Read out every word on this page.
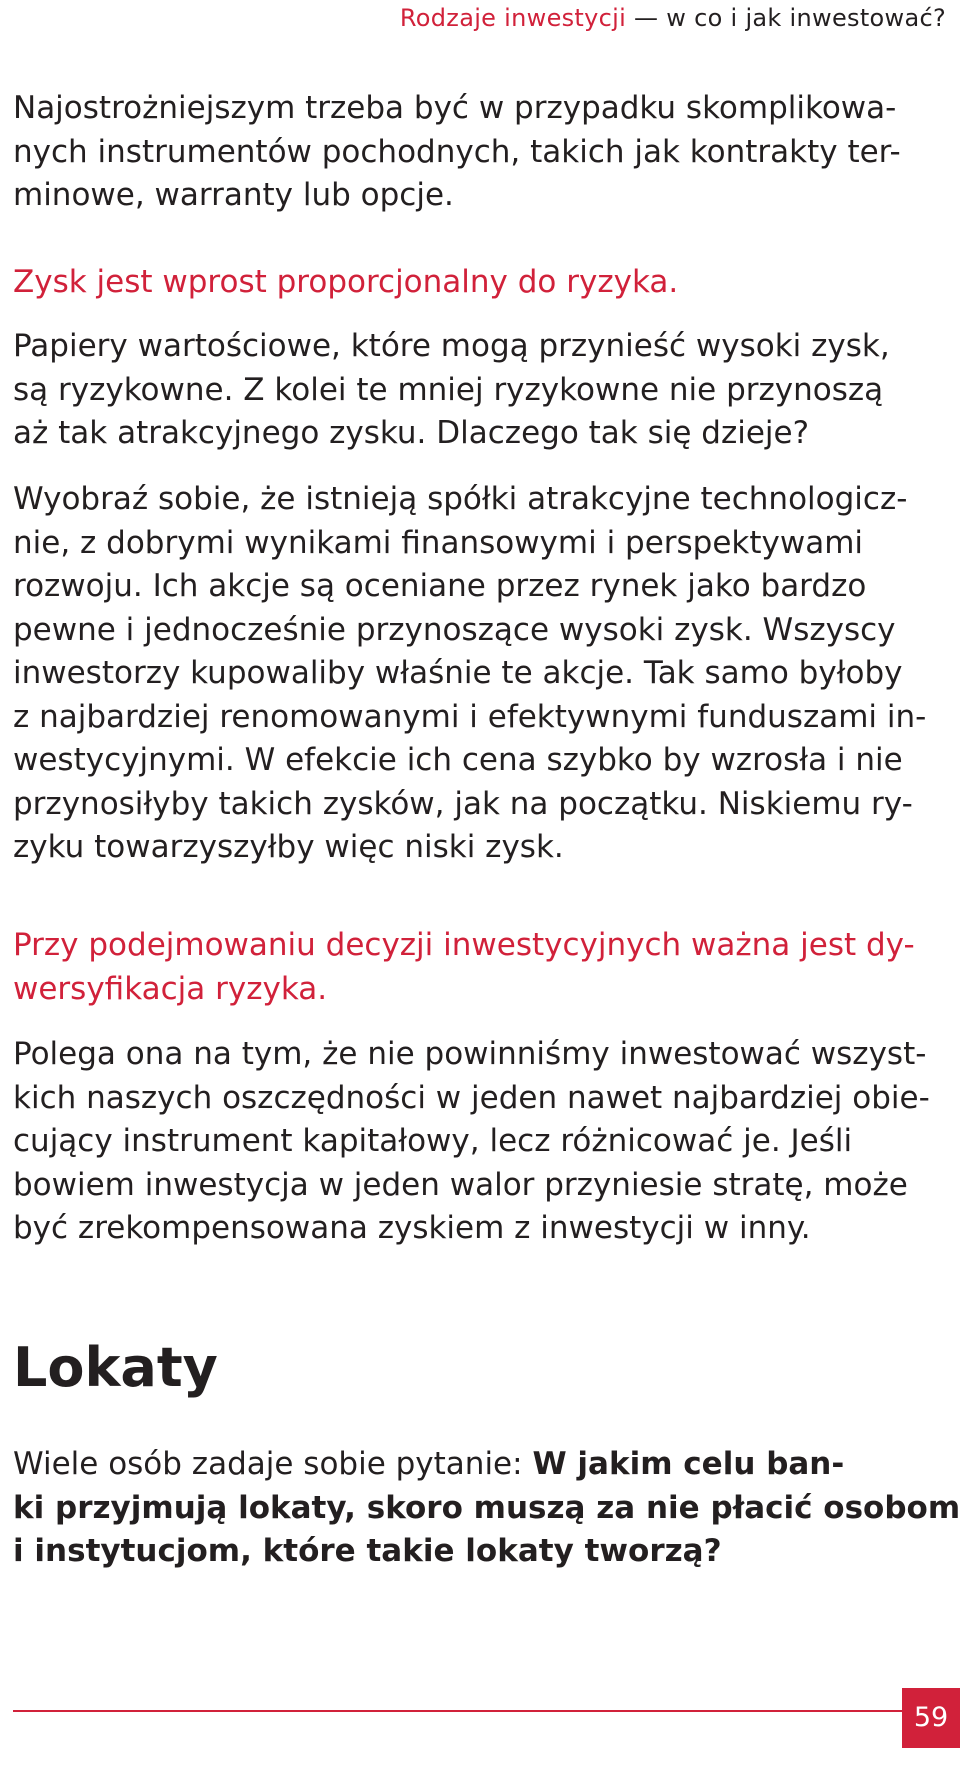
Rodzaje inwestycji — w co i jak inwestować?
Najostrożniejszym trzeba być w przypadku skomplikowa-
nych instrumentów pochodnych, takich jak kontrakty ter-
minowe, warranty lub opcje.
Zysk jest wprost proporcjonalny do ryzyka.
Papiery wartościowe, które mogą przynieść wysoki zysk,
są ryzykowne. Z kolei te mniej ryzykowne nie przynoszą
aż tak atrakcyjnego zysku. Dlaczego tak się dzieje?
Wyobraź sobie, że istnieją spółki atrakcyjne technologicz-
nie, z dobrymi wynikami finansowymi i perspektywami
rozwoju. Ich akcje są oceniane przez rynek jako bardzo
pewne i jednocześnie przynoszące wysoki zysk. Wszyscy
inwestorzy kupowaliby właśnie te akcje. Tak samo byłoby
z najbardziej renomowanymi i efektywnymi funduszami in-
westycyjnymi. W efekcie ich cena szybko by wzrosła i nie
przynosiłyby takich zysków, jak na początku. Niskiemu ry-
zyku towarzyszyłby więc niski zysk.
Przy podejmowaniu decyzji inwestycyjnych ważna jest dy-
wersyfikacja ryzyka.
Polega ona na tym, że nie powinniśmy inwestować wszyst-
kich naszych oszczędności w jeden nawet najbardziej obie-
cujący instrument kapitałowy, lecz różnicować je. Jeśli
bowiem inwestycja w jeden walor przyniesie stratę, może
być zrekompensowana zyskiem z inwestycji w inny.
Lokaty
Wiele osób zadaje sobie pytanie: W jakim celu ban-
ki przyjmują lokaty, skoro muszą za nie płacić osobom
i instytucjom, które takie lokaty tworzą?
59
